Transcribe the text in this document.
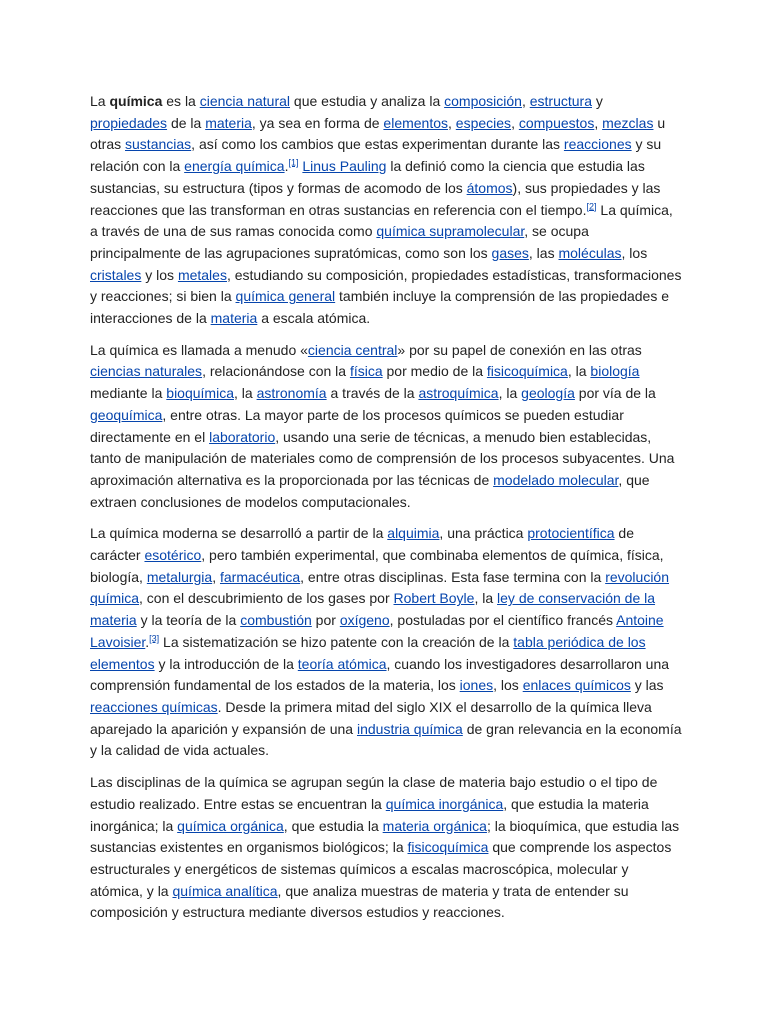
La química es la ciencia natural que estudia y analiza la composición, estructura y propiedades de la materia, ya sea en forma de elementos, especies, compuestos, mezclas u otras sustancias, así como los cambios que estas experimentan durante las reacciones y su relación con la energía química.[1] Linus Pauling la definió como la ciencia que estudia las sustancias, su estructura (tipos y formas de acomodo de los átomos), sus propiedades y las reacciones que las transforman en otras sustancias en referencia con el tiempo.[2] La química, a través de una de sus ramas conocida como química supramolecular, se ocupa principalmente de las agrupaciones supratómicas, como son los gases, las moléculas, los cristales y los metales, estudiando su composición, propiedades estadísticas, transformaciones y reacciones; si bien la química general también incluye la comprensión de las propiedades e interacciones de la materia a escala atómica.

La química es llamada a menudo «ciencia central» por su papel de conexión en las otras ciencias naturales, relacionándose con la física por medio de la fisicoquímica, la biología mediante la bioquímica, la astronomía a través de la astroquímica, la geología por vía de la geoquímica, entre otras. La mayor parte de los procesos químicos se pueden estudiar directamente en el laboratorio, usando una serie de técnicas, a menudo bien establecidas, tanto de manipulación de materiales como de comprensión de los procesos subyacentes. Una aproximación alternativa es la proporcionada por las técnicas de modelado molecular, que extraen conclusiones de modelos computacionales.

La química moderna se desarrolló a partir de la alquimia, una práctica protocientífica de carácter esotérico, pero también experimental, que combinaba elementos de química, física, biología, metalurgia, farmacéutica, entre otras disciplinas. Esta fase termina con la revolución química, con el descubrimiento de los gases por Robert Boyle, la ley de conservación de la materia y la teoría de la combustión por oxígeno, postuladas por el científico francés Antoine Lavoisier.[3] La sistematización se hizo patente con la creación de la tabla periódica de los elementos y la introducción de la teoría atómica, cuando los investigadores desarrollaron una comprensión fundamental de los estados de la materia, los iones, los enlaces químicos y las reacciones químicas. Desde la primera mitad del siglo XIX el desarrollo de la química lleva aparejado la aparición y expansión de una industria química de gran relevancia en la economía y la calidad de vida actuales.

Las disciplinas de la química se agrupan según la clase de materia bajo estudio o el tipo de estudio realizado. Entre estas se encuentran la química inorgánica, que estudia la materia inorgánica; la química orgánica, que estudia la materia orgánica; la bioquímica, que estudia las sustancias existentes en organismos biológicos; la fisicoquímica que comprende los aspectos estructurales y energéticos de sistemas químicos a escalas macroscópica, molecular y atómica, y la química analítica, que analiza muestras de materia y trata de entender su composición y estructura mediante diversos estudios y reacciones.
